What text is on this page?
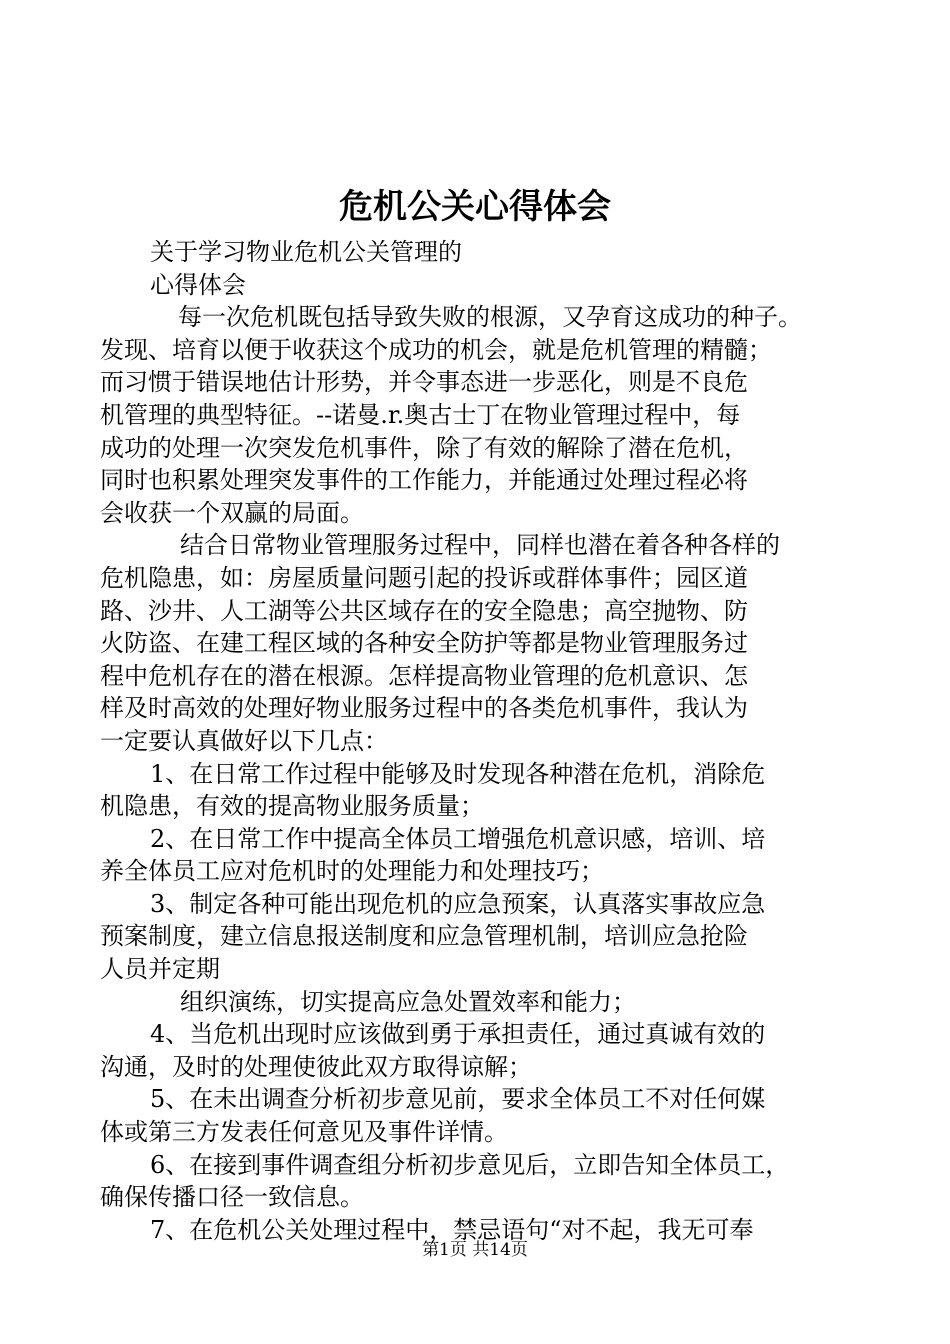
危机公关心得体会
关于学习物业危机公关管理的
心得体会
每一次危机既包括导致失败的根源，又孕育这成功的种子。
发现、培育以便于收获这个成功的机会，就是危机管理的精髓；
而习惯于错误地估计形势，并令事态进一步恶化，则是不良危
机管理的典型特征。--诺曼.r.奥古士丁在物业管理过程中，每
成功的处理一次突发危机事件，除了有效的解除了潜在危机，
同时也积累处理突发事件的工作能力，并能通过处理过程必将
会收获一个双赢的局面。
结合日常物业管理服务过程中，同样也潜在着各种各样的
危机隐患，如：房屋质量问题引起的投诉或群体事件；园区道
路、沙井、人工湖等公共区域存在的安全隐患；高空抛物、防
火防盗、在建工程区域的各种安全防护等都是物业管理服务过
程中危机存在的潜在根源。怎样提高物业管理的危机意识、怎
样及时高效的处理好物业服务过程中的各类危机事件，我认为
一定要认真做好以下几点：
1、在日常工作过程中能够及时发现各种潜在危机，消除危
机隐患，有效的提高物业服务质量；
2、在日常工作中提高全体员工增强危机意识感，培训、培
养全体员工应对危机时的处理能力和处理技巧；
3、制定各种可能出现危机的应急预案，认真落实事故应急
预案制度，建立信息报送制度和应急管理机制，培训应急抢险
人员并定期
组织演练，切实提高应急处置效率和能力；
4、当危机出现时应该做到勇于承担责任，通过真诚有效的
沟通，及时的处理使彼此双方取得谅解；
5、在未出调查分析初步意见前，要求全体员工不对任何媒
体或第三方发表任何意见及事件详情。
6、在接到事件调查组分析初步意见后，立即告知全体员工，
确保传播口径一致信息。
7、在危机公关处理过程中，禁忌语句“对不起，我无可奉
第1页 共14页
